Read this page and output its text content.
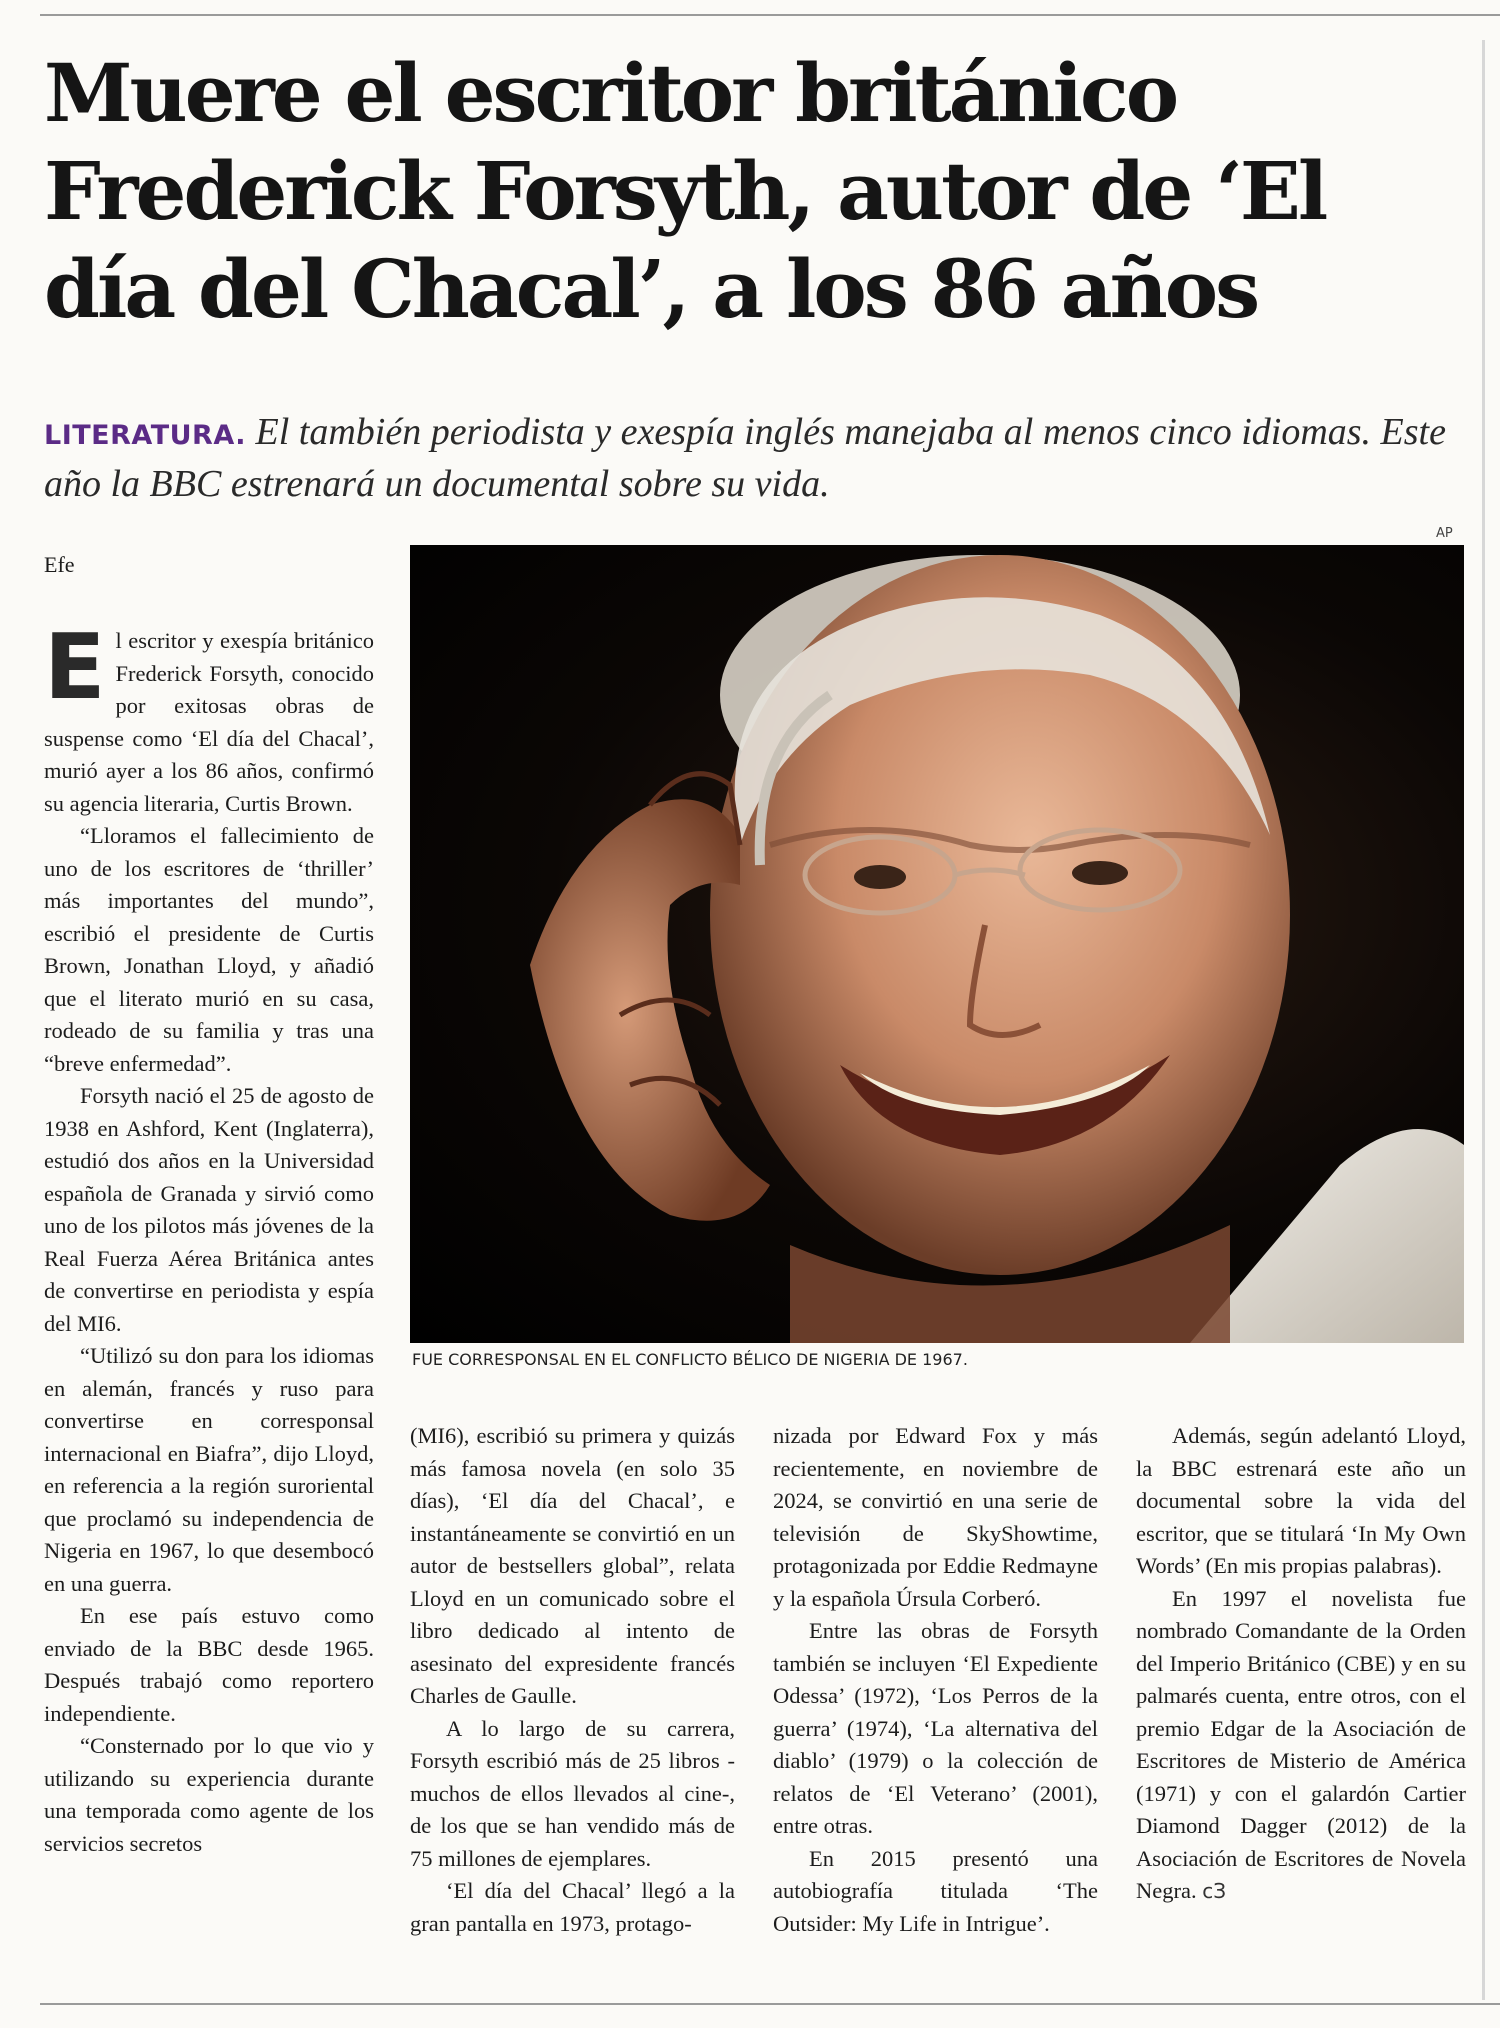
Muere el escritor británico Frederick Forsyth, autor de ‘El día del Chacal’, a los 86 años

LITERATURA. El también periodista y exespía inglés manejaba al menos cinco idiomas. Este año la BBC estrenará un documental sobre su vida.

Efe
AP
FUE CORRESPONSAL EN EL CONFLICTO BÉLICO DE NIGERIA DE 1967.

El escritor y exespía británico Frederick Forsyth, conocido por exitosas obras de suspense como ‘El día del Chacal’, murió ayer a los 86 años, confirmó su agencia literaria, Curtis Brown.

“Lloramos el fallecimiento de uno de los escritores de ‘thriller’ más importantes del mundo”, escribió el presidente de Curtis Brown, Jonathan Lloyd, y añadió que el literato murió en su casa, rodeado de su familia y tras una “breve enfermedad”.

Forsyth nació el 25 de agosto de 1938 en Ashford, Kent (Inglaterra), estudió dos años en la Universidad española de Granada y sirvió como uno de los pilotos más jóvenes de la Real Fuerza Aérea Británica antes de convertirse en periodista y espía del MI6.

“Utilizó su don para los idiomas en alemán, francés y ruso para convertirse en corresponsal internacional en Biafra”, dijo Lloyd, en referencia a la región suroriental que proclamó su independencia de Nigeria en 1967, lo que desembocó en una guerra.

En ese país estuvo como enviado de la BBC desde 1965. Después trabajó como reportero independiente.

“Consternado por lo que vio y utilizando su experiencia durante una temporada como agente de los servicios secretos

(MI6), escribió su primera y quizás más famosa novela (en solo 35 días), ‘El día del Chacal’, e instantáneamente se convirtió en un autor de bestsellers global”, relata Lloyd en un comunicado sobre el libro dedicado al intento de asesinato del expresidente francés Charles de Gaulle.

A lo largo de su carrera, Forsyth escribió más de 25 libros -muchos de ellos llevados al cine-, de los que se han vendido más de 75 millones de ejemplares.

‘El día del Chacal’ llegó a la gran pantalla en 1973, protago-

nizada por Edward Fox y más recientemente, en noviembre de 2024, se convirtió en una serie de televisión de SkyShowtime, protagonizada por Eddie Redmayne y la española Úrsula Corberó.

Entre las obras de Forsyth también se incluyen ‘El Expediente Odessa’ (1972), ‘Los Perros de la guerra’ (1974), ‘La alternativa del diablo’ (1979) o la colección de relatos de ‘El Veterano’ (2001), entre otras.

En 2015 presentó una autobiografía titulada ‘The Outsider: My Life in Intrigue’.

Además, según adelantó Lloyd, la BBC estrenará este año un documental sobre la vida del escritor, que se titulará ‘In My Own Words’ (En mis propias palabras).

En 1997 el novelista fue nombrado Comandante de la Orden del Imperio Británico (CBE) y en su palmarés cuenta, entre otros, con el premio Edgar de la Asociación de Escritores de Misterio de América (1971) y con el galardón Cartier Diamond Dagger (2012) de la Asociación de Escritores de Novela Negra. ᴄЗ
